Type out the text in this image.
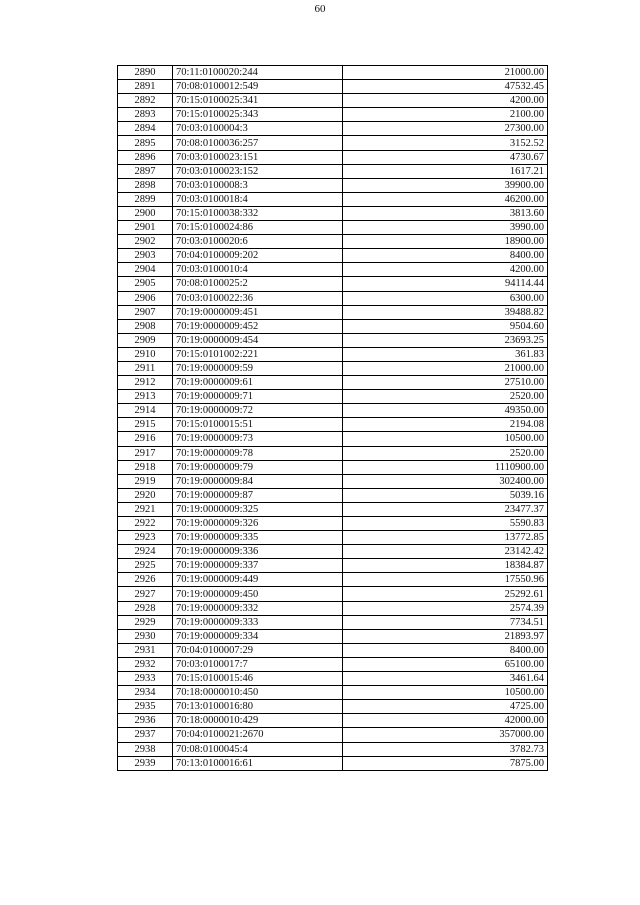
60
2890	70:11:0100020:244	21000.00
2891	70:08:0100012:549	47532.45
2892	70:15:0100025:341	4200.00
2893	70:15:0100025:343	2100.00
2894	70:03:0100004:3	27300.00
2895	70:08:0100036:257	3152.52
2896	70:03:0100023:151	4730.67
2897	70:03:0100023:152	1617.21
2898	70:03:0100008:3	39900.00
2899	70:03:0100018:4	46200.00
2900	70:15:0100038:332	3813.60
2901	70:15:0100024:86	3990.00
2902	70:03:0100020:6	18900.00
2903	70:04:0100009:202	8400.00
2904	70:03:0100010:4	4200.00
2905	70:08:0100025:2	94114.44
2906	70:03:0100022:36	6300.00
2907	70:19:0000009:451	39488.82
2908	70:19:0000009:452	9504.60
2909	70:19:0000009:454	23693.25
2910	70:15:0101002:221	361.83
2911	70:19:0000009:59	21000.00
2912	70:19:0000009:61	27510.00
2913	70:19:0000009:71	2520.00
2914	70:19:0000009:72	49350.00
2915	70:15:0100015:51	2194.08
2916	70:19:0000009:73	10500.00
2917	70:19:0000009:78	2520.00
2918	70:19:0000009:79	1110900.00
2919	70:19:0000009:84	302400.00
2920	70:19:0000009:87	5039.16
2921	70:19:0000009:325	23477.37
2922	70:19:0000009:326	5590.83
2923	70:19:0000009:335	13772.85
2924	70:19:0000009:336	23142.42
2925	70:19:0000009:337	18384.87
2926	70:19:0000009:449	17550.96
2927	70:19:0000009:450	25292.61
2928	70:19:0000009:332	2574.39
2929	70:19:0000009:333	7734.51
2930	70:19:0000009:334	21893.97
2931	70:04:0100007:29	8400.00
2932	70:03:0100017:7	65100.00
2933	70:15:0100015:46	3461.64
2934	70:18:0000010:450	10500.00
2935	70:13:0100016:80	4725.00
2936	70:18:0000010:429	42000.00
2937	70:04:0100021:2670	357000.00
2938	70:08:0100045:4	3782.73
2939	70:13:0100016:61	7875.00
